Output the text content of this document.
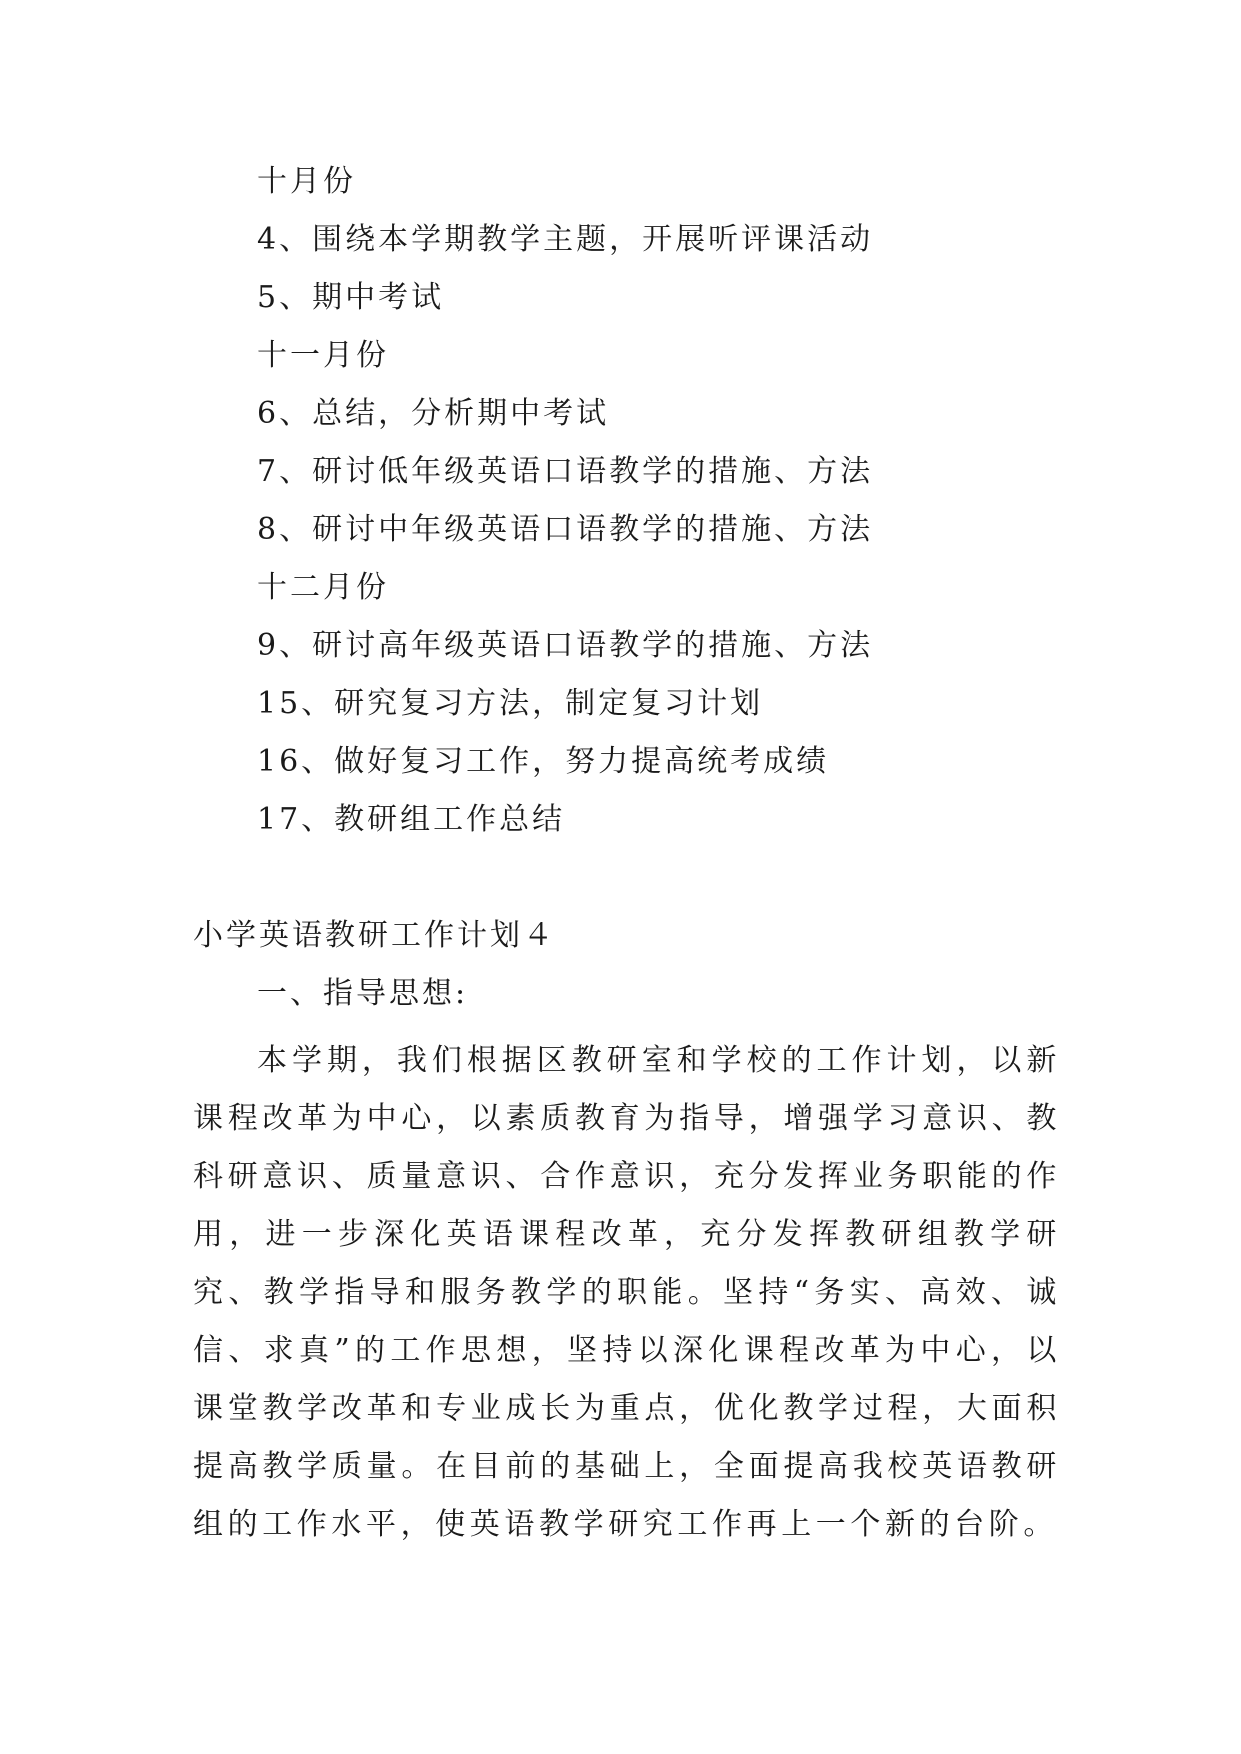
十月份
4、围绕本学期教学主题，开展听评课活动
5、期中考试
十一月份
6、总结，分析期中考试
7、研讨低年级英语口语教学的措施、方法
8、研讨中年级英语口语教学的措施、方法
十二月份
9、研讨高年级英语口语教学的措施、方法
15、研究复习方法，制定复习计划
16、做好复习工作，努力提高统考成绩
17、教研组工作总结
小学英语教研工作计划４
一、指导思想:
本学期，我们根据区教研室和学校的工作计划，以新课程改革为中心，以素质教育为指导，增强学习意识、教科研意识、质量意识、合作意识，充分发挥业务职能的作用，进一步深化英语课程改革，充分发挥教研组教学研究、教学指导和服务教学的职能。坚持“务实、高效、诚信、求真”的工作思想，坚持以深化课程改革为中心，以课堂教学改革和专业成长为重点，优化教学过程，大面积提高教学质量。在目前的基础上，全面提高我校英语教研组的工作水平，使英语教学研究工作再上一个新的台阶。
